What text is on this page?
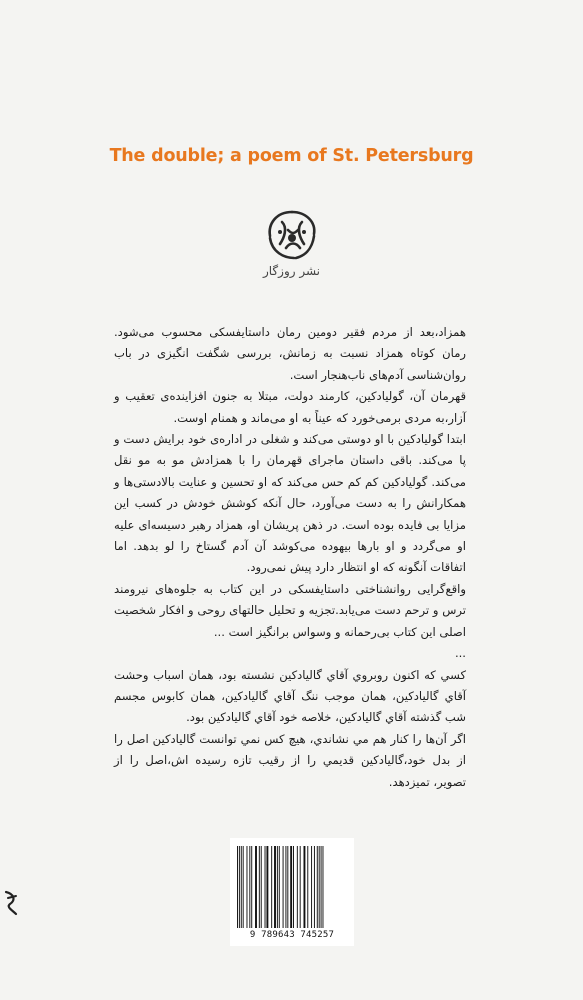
The double; a poem of St. Petersburg
نشر روزگار

همزاد،بعد از مردم فقیر دومین رمان داستایفسکی محسوب می‌شود. رمان کوتاه همزاد نسبت به زمانش، بررسی شگفت انگیزی در باب روان‌شناسی آدم‌های ناب‌هنجار است.

قهرمان آن، گولیادکین، کارمند دولت، مبتلا به جنون افزاینده‌ی تعقیب و آزار،به مردی برمی‌خورد که عیناً به او می‌ماند و همنام اوست.

ابتدا گولیادکین با او دوستی می‌کند و شغلی در اداره‌ی خود برایش دست و پا می‌کند. باقی داستان ماجرای قهرمان را با همزادش مو به مو نقل می‌کند. گولیادکین کم کم حس می‌کند که او تحسین و عنایت بالادستی‌ها و همکارانش را به دست می‌آورد، حال آنکه کوشش خودش در کسب این مزایا بی فایده بوده است. در ذهن پریشان او، همزاد رهبر دسیسه‌ای علیه او می‌گردد و او بارها بیهوده می‌کوشد آن آدم گستاخ را لو بدهد. اما اتفاقات آنگونه که او انتظار دارد پیش نمی‌رود.

واقع‌گرایی روانشناختی داستایفسکی در این کتاب به جلوه‌های نیرومند ترس و ترحم دست می‌یابد.تجزیه و تحلیل حالتهای روحی و افکار شخصیت اصلی این کتاب بی‌رحمانه و وسواس برانگیز است ...

...

كسي كه اكنون روبروي آقاي گالیادكين نشسته بود، همان اسباب وحشت آقاي گالیادكين، همان موجب ننگ آقاي گالیادكين، همان كابوس مجسم شب گذشته آقاي گالیادكين، خلاصه خود آقاي گالیادكين بود.

اگر آن‌ها را كنار هم مي نشاندي، هيچ كس نمي توانست گالیادكين اصل را از بدل خود،گالیادكين قديمي را از رقيب تازه رسيده اش،اصل را از تصوير، تميزدهد.

9 789643 745257
